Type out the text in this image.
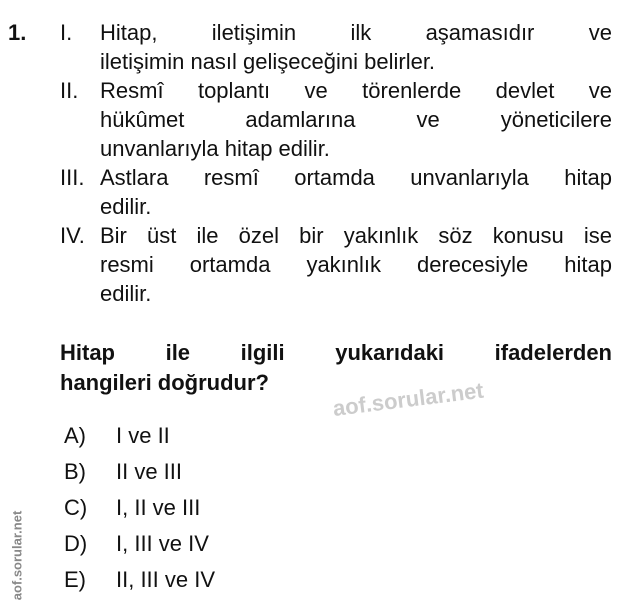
1. I.	Hitap, iletişimin ilk aşamasıdır ve
iletişimin nasıl gelişeceğini belirler.
II. Resmî toplantı ve törenlerde devlet ve
hükûmet	adamlarına	ve	yöneticilere
unvanlarıyla hitap edilir.
III. Astlara resmî ortamda unvanlarıyla hitap
edilir.
IV. Bir üst ile özel bir yakınlık söz konusu ise
resmi ortamda yakınlık derecesiyle hitap
edilir.
Hitap ile ilgili yukarıdaki ifadelerden
hangileri doğrudur?
A)	I ve II
B)	II ve III
C)	I, II ve III
D)	I, III ve IV
E)	II, III ve IV
aof.sorular.net
aof.sorular.net
